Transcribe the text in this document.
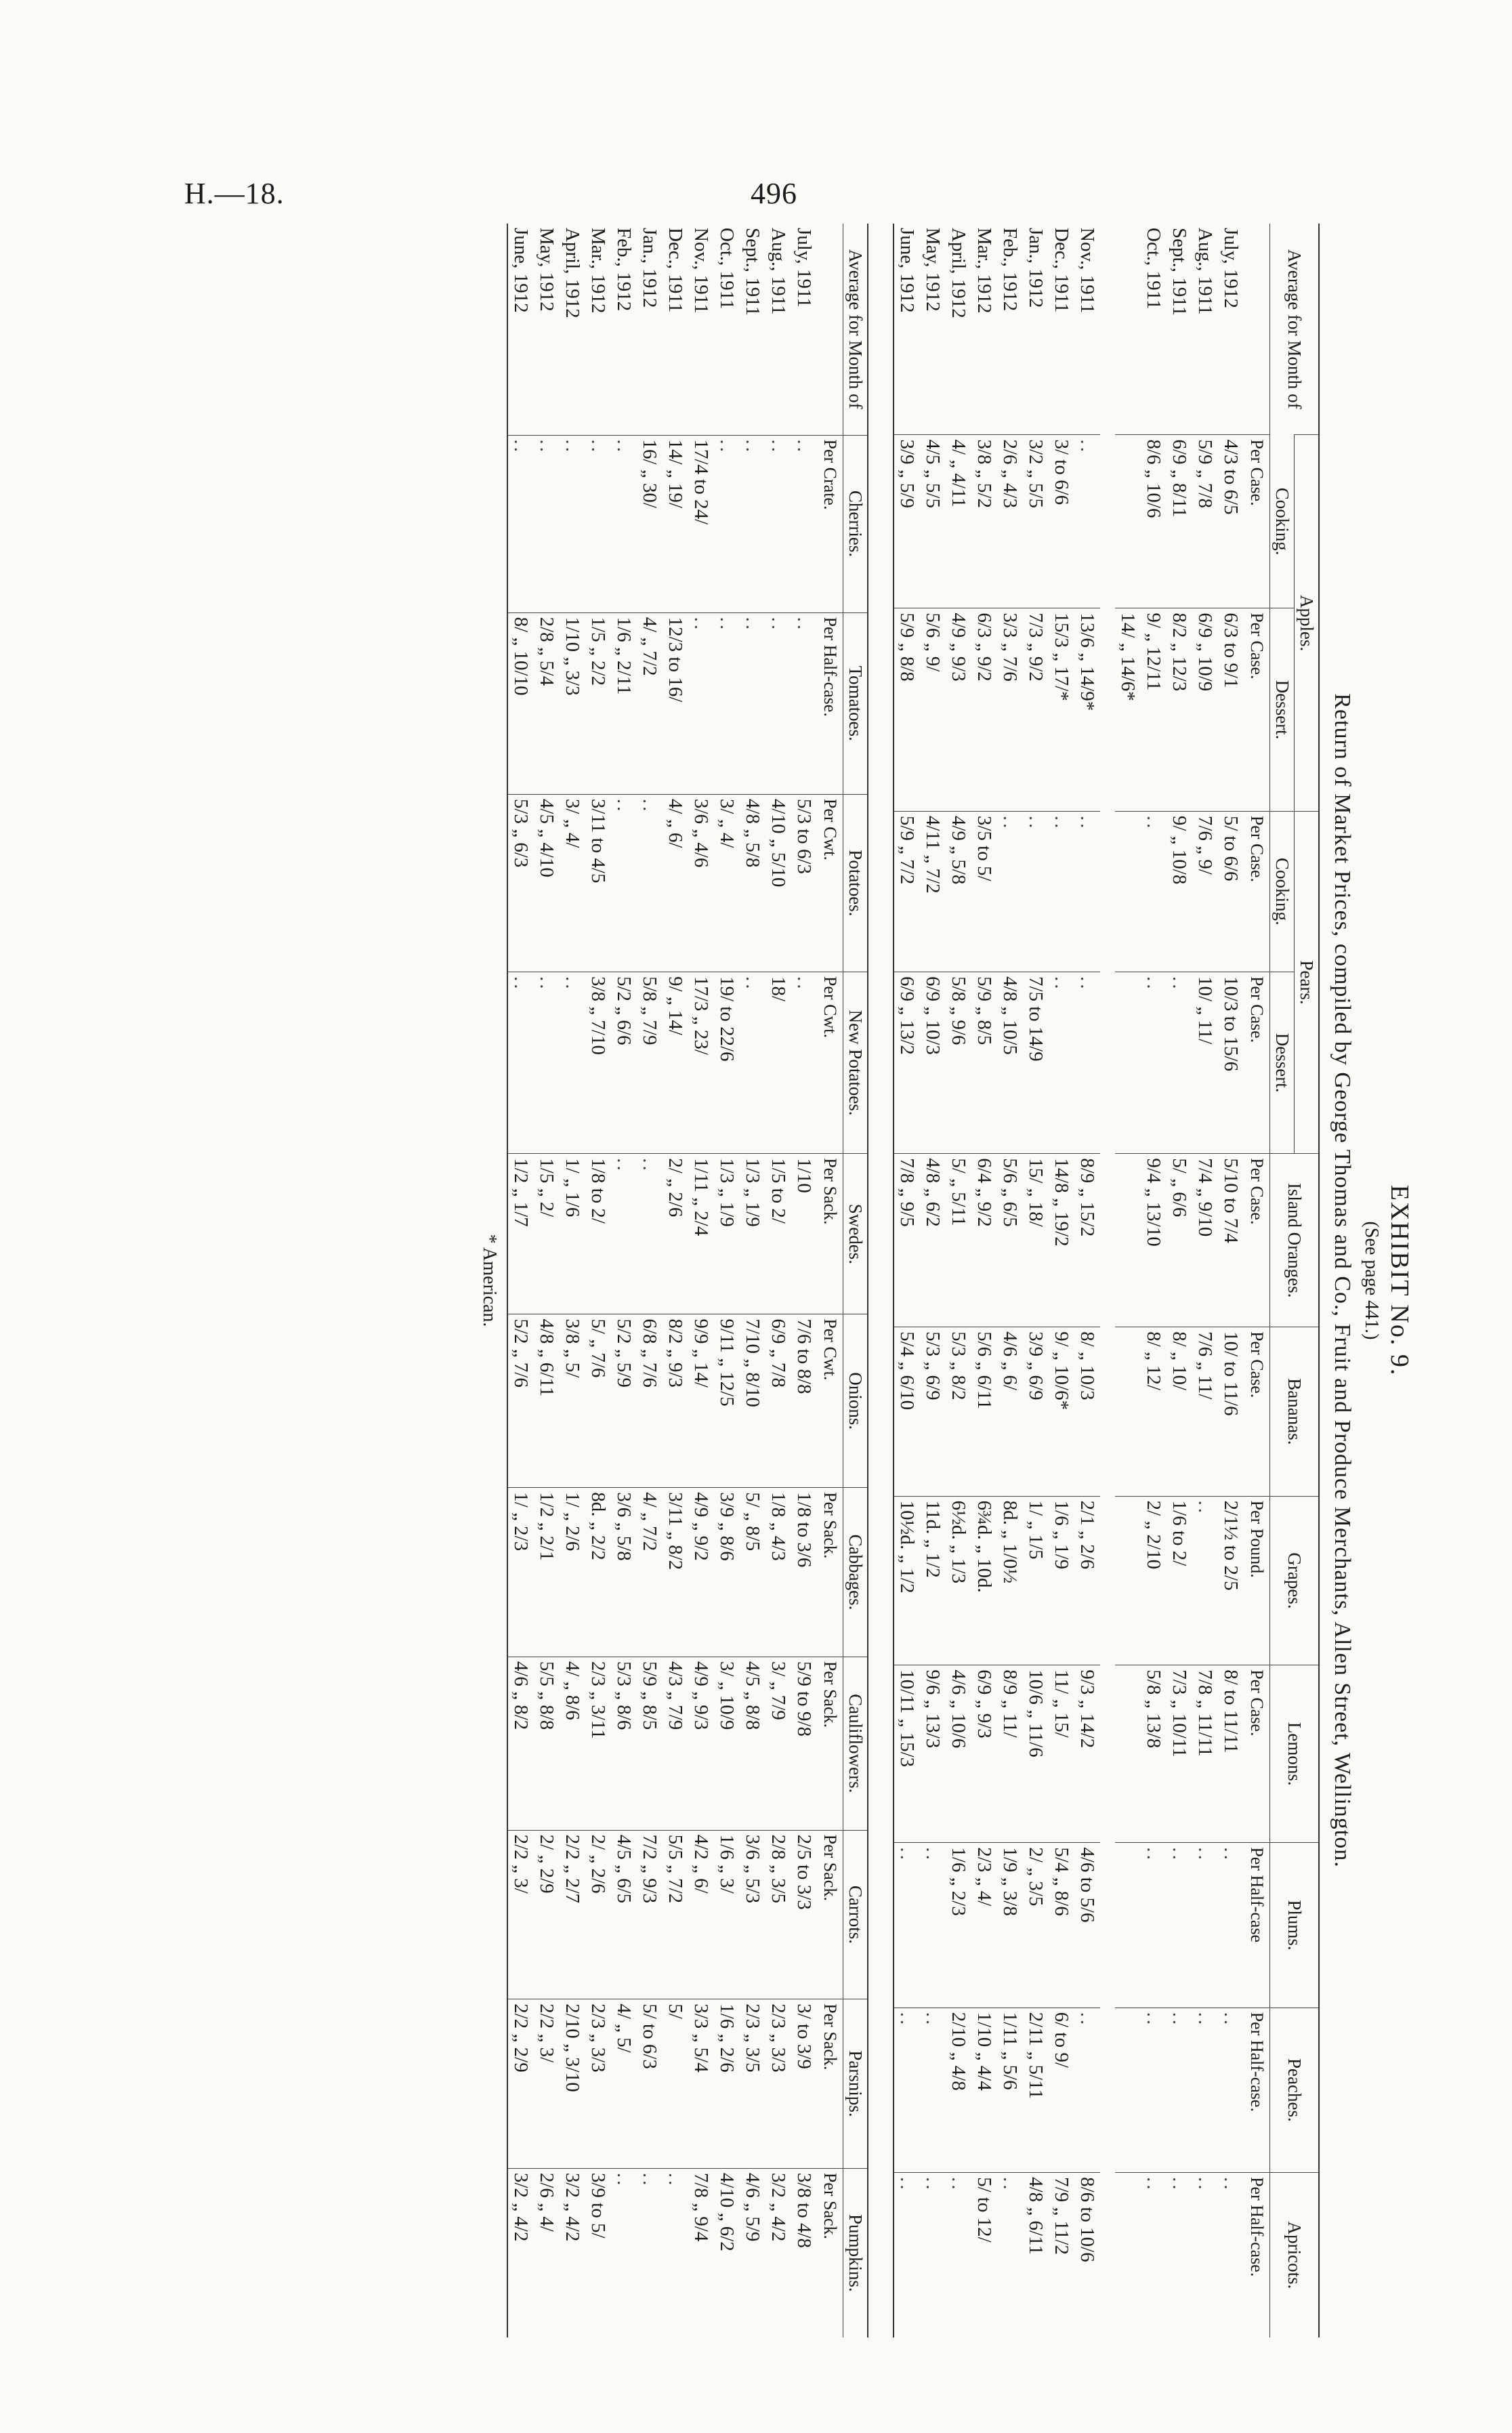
H.—18.	496
EXHIBIT No. 9.
(See page 441.)
Return of Market Prices, compiled by George Thomas and Co., Fruit and Produce Merchants, Allen Street, Wellington.
Average for Month of	Apples.		Pears.		Island Oranges.	Bananas.	Grapes.	Lemons.	Plums.	Peaches.	Apricots.
	Cooking.	Dessert.	Cooking.	Dessert.							
	Per Case.	Per Case.	Per Case.	Per Case.	Per Case.	Per Case.	Per Pound.	Per Case.	Per Half-case	Per Half-case.	Per Half-case.
July, 1912	4/3 to 6/5	6/3 to 9/1	5/ to 6/6	10/3 to 15/6	5/10 to 7/4	10/ to 11/6	2/1½ to 2/5	8/ to 11/11	..	..	..
Aug., 1911	5/9 „ 7/8	6/9 „ 10/9	7/6 „ 9/	10/ „ 11/	7/4 „ 9/10	7/6 „ 11/	..	7/8 „ 11/11	..	..	..
Sept., 1911	6/9 „ 8/11	8/2 „ 12/3	9/ „ 10/8	..	5/ „ 6/6	8/ „ 10/	1/6 to 2/	7/3 „ 10/11	..	..	..
Oct., 1911	8/6 „ 10/6	9/ „ 12/11	..	..	9/4 „ 13/10	8/ „ 12/	2/ „ 2/10	5/8 „ 13/8	..	..	..
		14/ „ 14/6*									

Nov., 1911	..	13/6 „ 14/9*	..	..	8/9 „ 15/2	8/ „ 10/3	2/1 „ 2/6	9/3 „ 14/2	4/6 to 5/6	..	8/6 to 10/6
Dec., 1911	3/ to 6/6	15/3 „ 17/*	..	..	14/8 „ 19/2	9/ „ 10/6*	1/6 „ 1/9	11/ „ 15/	5/4 „ 8/6	6/ to 9/	7/9 „ 11/2
Jan., 1912	3/2 „ 5/5	7/3 „ 9/2	..	7/5 to 14/9	15/ „ 18/	3/9 „ 6/9	1/ „ 1/5	10/6 „ 11/6	2/ „ 3/5	2/11 „ 5/11	4/8 „ 6/11
Feb., 1912	2/6 „ 4/3	3/3 „ 7/6	..	4/8 „ 10/5	5/6 „ 6/5	4/6 „ 6/	8d. „ 1/0½	8/9 „ 11/	1/9 „ 3/8	1/11 „ 5/6	..
Mar., 1912	3/8 „ 5/2	6/3 „ 9/2	3/5 to 5/	5/9 „ 8/5	6/4 „ 9/2	5/6 „ 6/11	6¾d. „ 10d.	6/9 „ 9/3	2/3 „ 4/	1/10 „ 4/4	5/ to 12/
April, 1912	4/ „ 4/11	4/9 „ 9/3	4/9 „ 5/8	5/8 „ 9/6	5/ „ 5/11	5/3 „ 8/2	6½d. „ 1/3	4/6 „ 10/6	1/6 „ 2/3	2/10 „ 4/8	..
May, 1912	4/5 „ 5/5	5/6 „ 9/	4/11 „ 7/2	6/9 „ 10/3	4/8 „ 6/2	5/3 „ 6/9	11d. „ 1/2	9/6 „ 13/3	..	..	..
June, 1912	3/9 „ 5/9	5/9 „ 8/8	5/9 „ 7/2	6/9 „ 13/2	7/8 „ 9/5	5/4 „ 6/10	10½d. „ 1/2	10/11 „ 15/3	..	..	..
Average for Month of	Cherries.	Tomatoes.	Potatoes.	New Potatoes.	Swedes.	Onions.	Cabbages.	Cauliflowers.	Carrots.	Parsnips.	Pumpkins.
	Per Crate.	Per Half-case.	Per Cwt.	Per Cwt.	Per Sack.	Per Cwt.	Per Sack.	Per Sack.	Per Sack.	Per Sack.	Per Sack.
July, 1911	..	..	5/3 to 6/3	..	1/10	7/6 to 8/8	1/8 to 3/6	5/9 to 9/8	2/5 to 3/3	3/ to 3/9	3/8 to 4/8
Aug., 1911	..	..	4/10 „ 5/10	18/	1/5 to 2/	6/9 „ 7/8	1/8 „ 4/3	3/ „ 7/9	2/8 „ 3/5	2/3 „ 3/3	3/2 „ 4/2
Sept., 1911	..	..	4/8 „ 5/8	..	1/3 „ 1/9	7/10 „ 8/10	5/ „ 8/5	4/5 „ 8/8	3/6 „ 5/3	2/3 „ 3/5	4/6 „ 5/9
Oct., 1911	..	..	3/ „ 4/	19/ to 22/6	1/3 „ 1/9	9/11 „ 12/5	3/9 „ 8/6	3/ „ 10/9	1/6 „ 3/	1/6 „ 2/6	4/10 „ 6/2
Nov., 1911	17/4 to 24/	..	3/6 „ 4/6	17/3 „ 23/	1/11 „ 2/4	9/9 „ 14/	4/9 „ 9/2	4/9 „ 9/3	4/2 „ 6/	3/3 „ 5/4	7/8 „ 9/4
Dec., 1911	14/ „ 19/	12/3 to 16/	4/ „ 6/	9/ „ 14/	2/ „ 2/6	8/2 „ 9/3	3/11 „ 8/2	4/3 „ 7/9	5/5 „ 7/2	5/	..
Jan., 1912	16/ „ 30/	4/ „ 7/2	..	5/8 „ 7/9	..	6/8 „ 7/6	4/ „ 7/2	5/9 „ 8/5	7/2 „ 9/3	5/ to 6/3	..
Feb., 1912	..	1/6 „ 2/11	..	5/2 „ 6/6	..	5/2 „ 5/9	3/6 „ 5/8	5/3 „ 8/6	4/5 „ 6/5	4/ „ 5/	..
Mar., 1912	..	1/5 „ 2/2	3/11 to 4/5	3/8 „ 7/10	1/8 to 2/	5/ „ 7/6	8d. „ 2/2	2/3 „ 3/11	2/ „ 2/6	2/3 „ 3/3	3/9 to 5/
April, 1912	..	1/10 „ 3/3	3/ „ 4/	..	1/ „ 1/6	3/8 „ 5/	1/ „ 2/6	4/ „ 8/6	2/2 „ 2/7	2/10 „ 3/10	3/2 „ 4/2
May, 1912	..	2/8 „ 5/4	4/5 „ 4/10	..	1/5 „ 2/	4/8 „ 6/11	1/2 „ 2/1	5/5 „ 8/8	2/ „ 2/9	2/2 „ 3/	2/6 „ 4/
June, 1912	..	8/ „ 10/10	5/3 „ 6/3	..	1/2 „ 1/7	5/2 „ 7/6	1/ „ 2/3	4/6 „ 8/2	2/2 „ 3/	2/2 „ 2/9	3/2 „ 4/2
* American.
